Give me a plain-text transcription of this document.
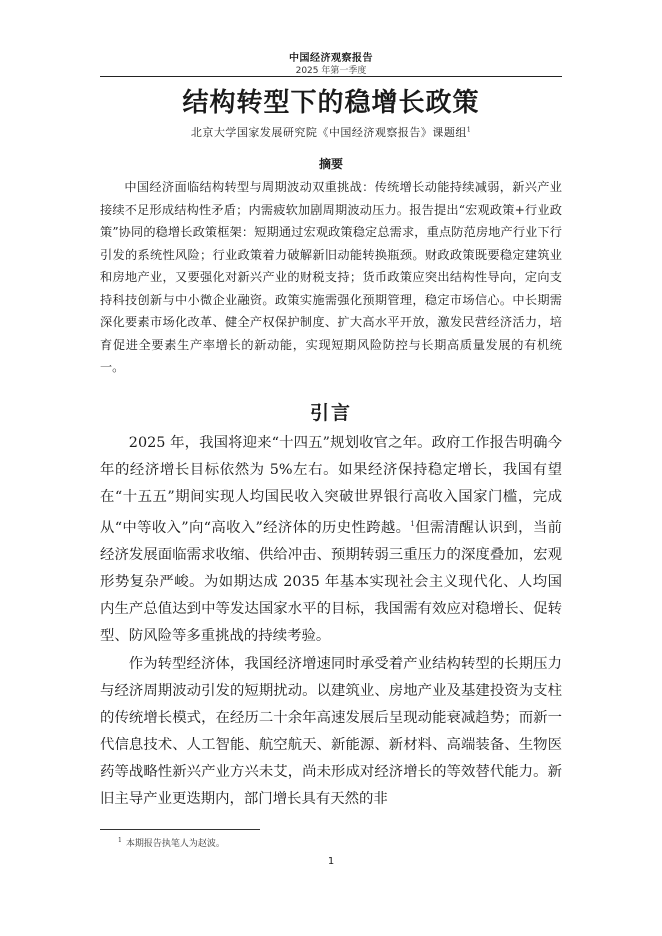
中国经济观察报告
2025 年第一季度
结构转型下的稳增长政策
北京大学国家发展研究院《中国经济观察报告》课题组$^1$
摘要

中国经济面临结构转型与周期波动双重挑战：传统增长动能持续减弱，新兴产业接续不足形成结构性矛盾；内需疲软加剧周期波动压力。报告提出“宏观政策+行业政策”协同的稳增长政策框架：短期通过宏观政策稳定总需求，重点防范房地产行业下行引发的系统性风险；行业政策着力破解新旧动能转换瓶颈。财政政策既要稳定建筑业和房地产业，又要强化对新兴产业的财税支持；货币政策应突出结构性导向，定向支持科技创新与中小微企业融资。政策实施需强化预期管理，稳定市场信心。中长期需深化要素市场化改革、健全产权保护制度、扩大高水平开放，激发民营经济活力，培育促进全要素生产率增长的新动能，实现短期风险防控与长期高质量发展的有机统一。

引言

2025 年，我国将迎来“十四五”规划收官之年。政府工作报告明确今年的经济增长目标依然为 5%左右。如果经济保持稳定增长，我国有望在“十五五”期间实现人均国民收入突破世界银行高收入国家门槛，完成从“中等收入”向“高收入”经济体的历史性跨越。$^1$但需清醒认识到，当前经济发展面临需求收缩、供给冲击、预期转弱三重压力的深度叠加，宏观形势复杂严峻。为如期达成 2035 年基本实现社会主义现代化、人均国内生产总值达到中等发达国家水平的目标，我国需有效应对稳增长、促转型、防风险等多重挑战的持续考验。

作为转型经济体，我国经济增速同时承受着产业结构转型的长期压力与经济周期波动引发的短期扰动。以建筑业、房地产业及基建投资为支柱的传统增长模式，在经历二十余年高速发展后呈现动能衰减趋势；而新一代信息技术、人工智能、航空航天、新能源、新材料、高端装备、生物医药等战略性新兴产业方兴未艾，尚未形成对经济增长的等效替代能力。新旧主导产业更迭期内，部门增长具有天然的非

$^1$ 本期报告执笔人为赵波。
1
